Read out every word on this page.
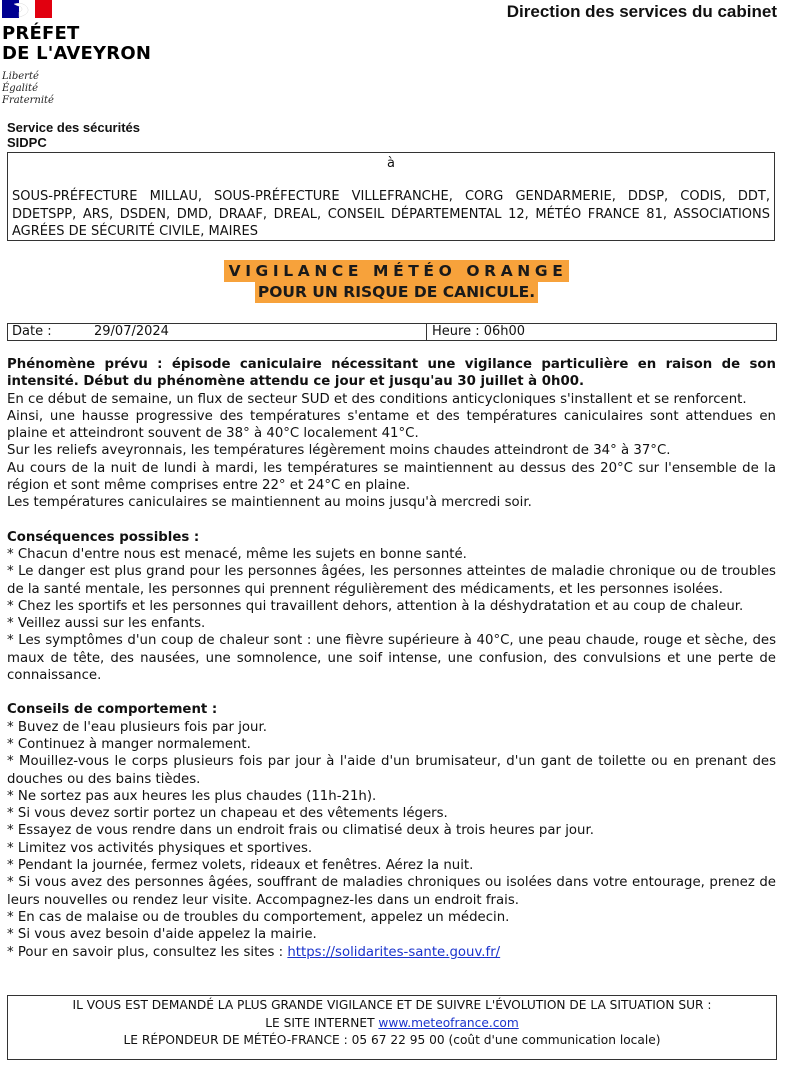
PRÉFET
DE L'AVEYRON
Liberté
Égalité
Fraternité
Direction des services du cabinet
Service des sécurités
SIDPC
à
SOUS-PRÉFECTURE MILLAU, SOUS-PRÉFECTURE VILLEFRANCHE, CORG GENDARMERIE, DDSP, CODIS, DDT, DDETSPP, ARS, DSDEN, DMD, DRAAF, DREAL, CONSEIL DÉPARTEMENTAL 12, MÉTÉO FRANCE 81, ASSOCIATIONS AGRÉES DE SÉCURITÉ CIVILE, MAIRES
VIGILANCE MÉTÉO ORANGE
POUR UN RISQUE DE CANICULE.
Date :	29/07/2024	Heure : 06h00

Phénomène prévu : épisode caniculaire nécessitant une vigilance particulière en raison de son intensité. Début du phénomène attendu ce jour et jusqu'au 30 juillet à 0h00.

En ce début de semaine, un flux de secteur SUD et des conditions anticycloniques s'installent et se renforcent.

Ainsi, une hausse progressive des températures s'entame et des températures caniculaires sont attendues en plaine et atteindront souvent de 38° à 40°C localement 41°C.

Sur les reliefs aveyronnais, les températures légèrement moins chaudes atteindront de 34° à 37°C.

Au cours de la nuit de lundi à mardi, les températures se maintiennent au dessus des 20°C sur l'ensemble de la région et sont même comprises entre 22° et 24°C en plaine.

Les températures caniculaires se maintiennent au moins jusqu'à mercredi soir.

Conséquences possibles :

* Chacun d'entre nous est menacé, même les sujets en bonne santé.

* Le danger est plus grand pour les personnes âgées, les personnes atteintes de maladie chronique ou de troubles de la santé mentale, les personnes qui prennent régulièrement des médicaments, et les personnes isolées.

* Chez les sportifs et les personnes qui travaillent dehors, attention à la déshydratation et au coup de chaleur.

* Veillez aussi sur les enfants.

* Les symptômes d'un coup de chaleur sont : une fièvre supérieure à 40°C, une peau chaude, rouge et sèche, des maux de tête, des nausées, une somnolence, une soif intense, une confusion, des convulsions et une perte de connaissance.

Conseils de comportement :

* Buvez de l'eau plusieurs fois par jour.

* Continuez à manger normalement.

* Mouillez-vous le corps plusieurs fois par jour à l'aide d'un brumisateur, d'un gant de toilette ou en prenant des douches ou des bains tièdes.

* Ne sortez pas aux heures les plus chaudes (11h-21h).

* Si vous devez sortir portez un chapeau et des vêtements légers.

* Essayez de vous rendre dans un endroit frais ou climatisé deux à trois heures par jour.

* Limitez vos activités physiques et sportives.

* Pendant la journée, fermez volets, rideaux et fenêtres. Aérez la nuit.

* Si vous avez des personnes âgées, souffrant de maladies chroniques ou isolées dans votre entourage, prenez de leurs nouvelles ou rendez leur visite. Accompagnez-les dans un endroit frais.

* En cas de malaise ou de troubles du comportement, appelez un médecin.

* Si vous avez besoin d'aide appelez la mairie.

* Pour en savoir plus, consultez les sites : https://solidarites-sante.gouv.fr/

IL VOUS EST DEMANDÉ LA PLUS GRANDE VIGILANCE ET DE SUIVRE L'ÉVOLUTION DE LA SITUATION SUR :
LE SITE INTERNET www.meteofrance.com
LE RÉPONDEUR DE MÉTÉO-FRANCE : 05 67 22 95 00 (coût d'une communication locale)
